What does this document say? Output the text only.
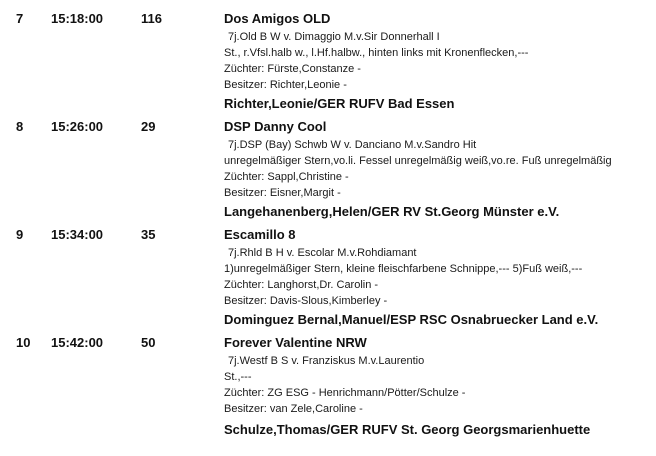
7 15:18:00	116	Dos Amigos OLD
7j.Old B W v. Dimaggio M.v.Sir Donnerhall I
St., r.Vfsl.halb w., l.Hf.halbw., hinten links mit Kronenflecken,---
Züchter: Fürste,Constanze -
Besitzer: Richter,Leonie -
Richter,Leonie/GER RUFV Bad Essen
8 15:26:00	29	DSP Danny Cool
7j.DSP (Bay) Schwb W v. Danciano M.v.Sandro Hit
unregelmäßiger Stern,vo.li. Fessel unregelmäßig weiß,vo.re. Fuß unregelmäßig
Züchter: Sappl,Christine -
Besitzer: Eisner,Margit -
Langehanenberg,Helen/GER RV St.Georg Münster e.V.
9 15:34:00	35	Escamillo 8
7j.Rhld B H v. Escolar M.v.Rohdiamant
1)unregelmäßiger Stern, kleine fleischfarbene Schnippe,--- 5)Fuß weiß,---
Züchter: Langhorst,Dr. Carolin -
Besitzer: Davis-Slous,Kimberley -
Dominguez Bernal,Manuel/ESP RSC Osnabruecker Land e.V.
10 15:42:00	50	Forever Valentine NRW
7j.Westf B S v. Franziskus M.v.Laurentio
St.,---
Züchter: ZG ESG - Henrichmann/Pötter/Schulze -
Besitzer: van Zele,Caroline -
Schulze,Thomas/GER RUFV St. Georg Georgsmarienhuette
